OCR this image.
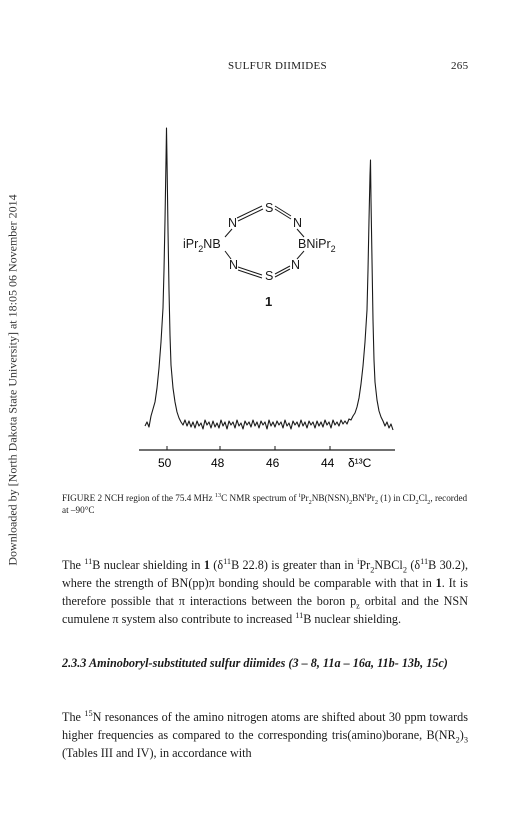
Downloaded by [North Dakota State University] at 18:05 06 November 2014
SULFUR DIIMIDES	265
50	48	46	44 δ¹³C
S
N	N
iPr$_2$NB	BNiPr$_2$
N	N
S
1
FIGURE 2 NCH region of the 75.4 MHz $^{13}$C NMR spectrum of $^iPr_2NB(NSN)_2BN^iPr_2$ (1) in $CD_2Cl_2$, recorded at –90°C
The $^{11}$B nuclear shielding in 1 ($\delta^{11}B$ 22.8) is greater than in $^iPr_2NBCl_2$ ($\delta^{11}B$ 30.2), where the strength of BN(pp)π bonding should be comparable with that in 1. It is therefore possible that π interactions between the boron $p_z$ orbital and the NSN cumulene π system also contribute to increased $^{11}$B nuclear shielding.
2.3.3 Aminoboryl-substituted sulfur diimides (3 – 8, 11a – 16a, 11b- 13b, 15c)
The $^{15}$N resonances of the amino nitrogen atoms are shifted about 30 ppm towards higher frequencies as compared to the corresponding tris(amino)borane, $B(NR_2)_3$ (Tables III and IV), in accordance with
